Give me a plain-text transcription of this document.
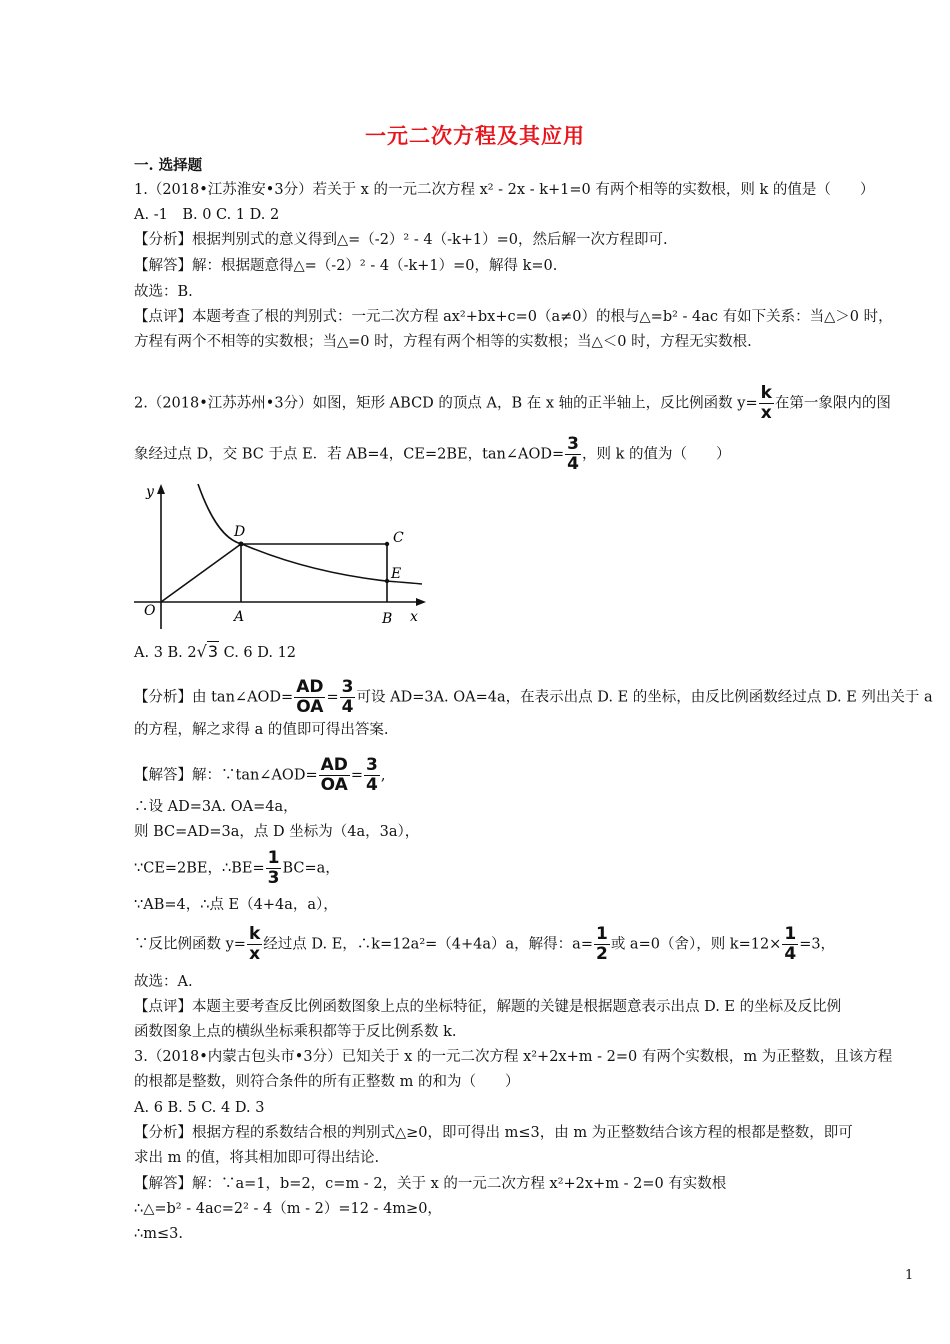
一元二次方程及其应用
一. 选择题
1.（2018•江苏淮安•3分）若关于 x 的一元二次方程 x² ‑ 2x ‑ k+1=0 有两个相等的实数根，则 k 的值是（　　）
A. ‑1　B. 0 C. 1 D. 2
【分析】根据判别式的意义得到△=（‑2）² ‑ 4（‑k+1）=0，然后解一次方程即可.
【解答】解：根据题意得△=（‑2）² ‑ 4（‑k+1）=0，解得 k=0.
故选：B.
【点评】本题考查了根的判别式：一元二次方程 ax²+bx+c=0（a≠0）的根与△=b² ‑ 4ac 有如下关系：当△＞0 时，
方程有两个不相等的实数根；当△=0 时，方程有两个相等的实数根；当△＜0 时，方程无实数根.
2.（2018•江苏苏州•3分）如图，矩形 ABCD 的顶点 A，B 在 x 轴的正半轴上，反比例函数 $y= \frac{k}{x}$ 在第一象限内的图
象经过点 D，交 BC 于点 E．若 AB=4，CE=2BE，tan∠AOD= $\frac{3}{4}$ ，则 k 的值为（　　）
y
x
O	A	B
C
D
E
A. 3 B. 2√3 C. 6 D. 12
【分析】由 tan∠AOD= $\frac{AD}{OA} = \frac{3}{4}$ 可设 AD=3A. OA=4a，在表示出点 D. E 的坐标，由反比例函数经过点 D. E 列出关于 a
的方程，解之求得 a 的值即可得出答案.
【解答】解：∵tan∠AOD= $\frac{AD}{OA} = \frac{3}{4}$ ,
∴设 AD=3A. OA=4a，
则 BC=AD=3a，点 D 坐标为（4a，3a），
∵CE=2BE，∴BE= $\frac{1}{3} BC=a$，
∵AB=4，∴点 E（4+4a，a），
∵反比例函数 $y= \frac{k}{x}$ 经过点 D. E，∴k=12a²=（4+4a）a，解得：$a= \frac{1}{2}$ 或 a=0（舍），则 $k=12\times \frac{1}{4} =3$，
故选：A.
【点评】本题主要考查反比例函数图象上点的坐标特征，解题的关键是根据题意表示出点 D. E 的坐标及反比例
函数图象上点的横纵坐标乘积都等于反比例系数 k.
3.（2018•内蒙古包头市•3分）已知关于 x 的一元二次方程 x²+2x+m ‑ 2=0 有两个实数根，m 为正整数，且该方程
的根都是整数，则符合条件的所有正整数 m 的和为（　　）
A. 6 B. 5 C. 4 D. 3
【分析】根据方程的系数结合根的判别式△≥0，即可得出 m≤3，由 m 为正整数结合该方程的根都是整数，即可
求出 m 的值，将其相加即可得出结论.
【解答】解：∵a=1，b=2，c=m ‑ 2，关于 x 的一元二次方程 x²+2x+m ‑ 2=0 有实数根
∴△=b² ‑ 4ac=2² ‑ 4（m ‑ 2）=12 ‑ 4m≥0，
∴m≤3.
1
